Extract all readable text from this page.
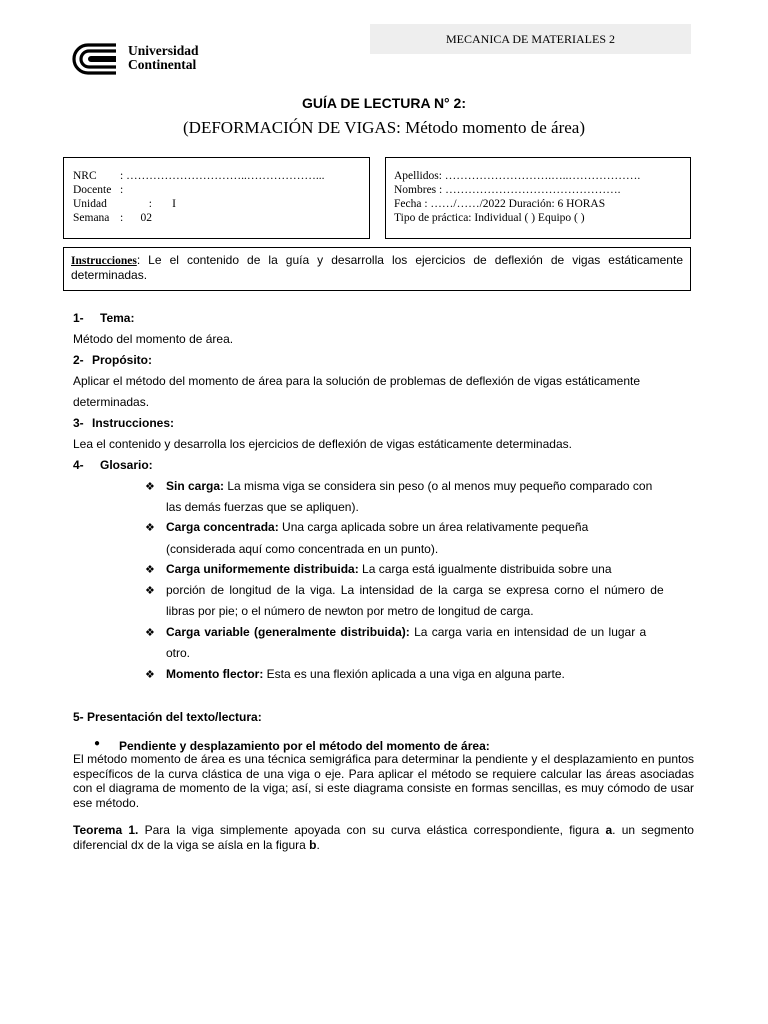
MECANICA DE MATERIALES 2
Universidad
Continental
GUÍA DE LECTURA N° 2:
(DEFORMACIÓN DE VIGAS: Método momento de área)
NRC : …………………………..………………...
Docente :
Unidad          :       I
Semana :      02
Apellidos: ……………………….…..……………….
Nombres : ……………………………………….
Fecha : ……/……/2022 Duración: 6 HORAS
Tipo de práctica: Individual ( ) Equipo ( )
Instrucciones: Le el contenido de la guía y desarrolla los ejercicios de deflexión de vigas estáticamente determinadas.
1- Tema:
Método del momento de área.
2- Propósito:
Aplicar el método del momento de área para la solución de problemas de deflexión de vigas estáticamente
determinadas.
3- Instrucciones:
Lea el contenido y desarrolla los ejercicios de deflexión de vigas estáticamente determinadas.
4- Glosario:
❖ Sin carga: La misma viga se considera sin peso (o al menos muy pequeño comparado con
las demás fuerzas que se apliquen).
❖ Carga concentrada: Una carga aplicada sobre un área relativamente pequeña
(considerada aquí como concentrada en un punto).
❖ Carga uniformemente distribuida: La carga está igualmente distribuida sobre una
❖ porción de longitud de la viga. La intensidad de la carga se expresa corno el número de
libras por pie; o el número de newton por metro de longitud de carga.
❖ Carga variable (generalmente distribuida): La carga varia en intensidad de un lugar a
otro.
❖ Momento flector: Esta es una flexión aplicada a una viga en alguna parte.
5- Presentación del texto/lectura:
● Pendiente y desplazamiento por el método del momento de área:
El método momento de área es una técnica semigráfica para determinar la pendiente y el desplazamiento en puntos específicos de la curva clástica de una viga o eje. Para aplicar el método se requiere calcular las áreas asociadas con el diagrama de momento de la viga; así, si este diagrama consiste en formas sencillas, es muy cómodo de usar ese método.
Teorema 1. Para la viga simplemente apoyada con su curva elástica correspondiente, figura a. un segmento diferencial dx de la viga se aísla en la figura b.
